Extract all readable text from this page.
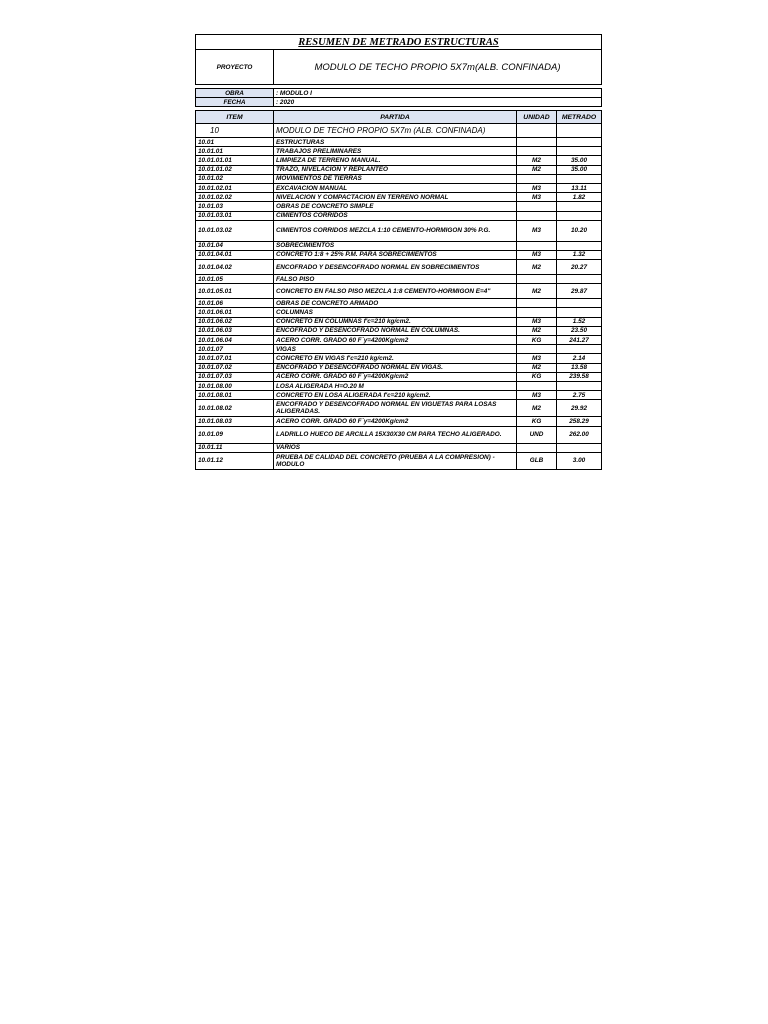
RESUMEN DE METRADO ESTRUCTURAS
PROYECTO	MODULO DE TECHO PROPIO 5X7m(ALB. CONFINADA)
OBRA	: MODULO I
FECHA	: 2020
ITEM	PARTIDA	UNIDAD	METRADO
10	MODULO DE TECHO PROPIO 5X7m (ALB. CONFINADA)		
10.01	ESTRUCTURAS		
10.01.01	TRABAJOS PRELIMINARES		
10.01.01.01	LIMPIEZA DE TERRENO MANUAL.	M2	35.00
10.01.01.02	TRAZO, NIVELACION Y REPLANTEO	M2	35.00
10.01.02	MOVIMIENTOS DE TIERRAS		
10.01.02.01	EXCAVACION MANUAL	M3	13.11
10.01.02.02	NIVELACION Y COMPACTACION EN TERRENO NORMAL	M3	1.82
10.01.03	OBRAS DE CONCRETO SIMPLE		
10.01.03.01	CIMIENTOS CORRIDOS		
10.01.03.02	CIMIENTOS CORRIDOS MEZCLA 1:10 CEMENTO-HORMIGON 30% P.G.	M3	10.20
10.01.04	SOBRECIMIENTOS		
10.01.04.01	CONCRETO 1:8 + 25% P.M. PARA SOBRECIMIENTOS	M3	1.32
10.01.04.02	ENCOFRADO Y DESENCOFRADO NORMAL EN SOBRECIMIENTOS	M2	20.27
10.01.05	FALSO PISO		
10.01.05.01	CONCRETO EN FALSO PISO MEZCLA 1:8 CEMENTO-HORMIGON E=4"	M2	29.87
10.01.06	OBRAS DE CONCRETO ARMADO		
10.01.06.01	COLUMNAS		
10.01.06.02	CONCRETO EN COLUMNAS f'c=210 kg/cm2.	M3	1.52
10.01.06.03	ENCOFRADO Y DESENCOFRADO NORMAL EN COLUMNAS.	M2	23.50
10.01.06.04	ACERO CORR. GRADO 60 F´y=4200Kg/cm2	KG	241.27
10.01.07	VIGAS		
10.01.07.01	CONCRETO EN VIGAS f'c=210 kg/cm2.	M3	2.14
10.01.07.02	ENCOFRADO Y DESENCOFRADO NORMAL EN VIGAS.	M2	13.58
10.01.07.03	ACERO CORR. GRADO 60 F´y=4200Kg/cm2	KG	239.58
10.01.08.00	LOSA ALIGERADA H=O.20 M		
10.01.08.01	CONCRETO EN LOSA ALIGERADA f'c=210 kg/cm2.	M3	2.75
10.01.08.02	ENCOFRADO Y DESENCOFRADO NORMAL EN VIGUETAS PARA LOSAS ALIGERADAS.	M2	29.92
10.01.08.03	ACERO CORR. GRADO 60 F´y=4200Kg/cm2	KG	258.29
10.01.09	LADRILLO HUECO DE ARCILLA 15X30X30 CM PARA TECHO ALIGERADO.	UND	262.00
10.01.11	VARIOS		
10.01.12	PRUEBA DE CALIDAD DEL CONCRETO (PRUEBA A LA COMPRESION) - MODULO	GLB	3.00
